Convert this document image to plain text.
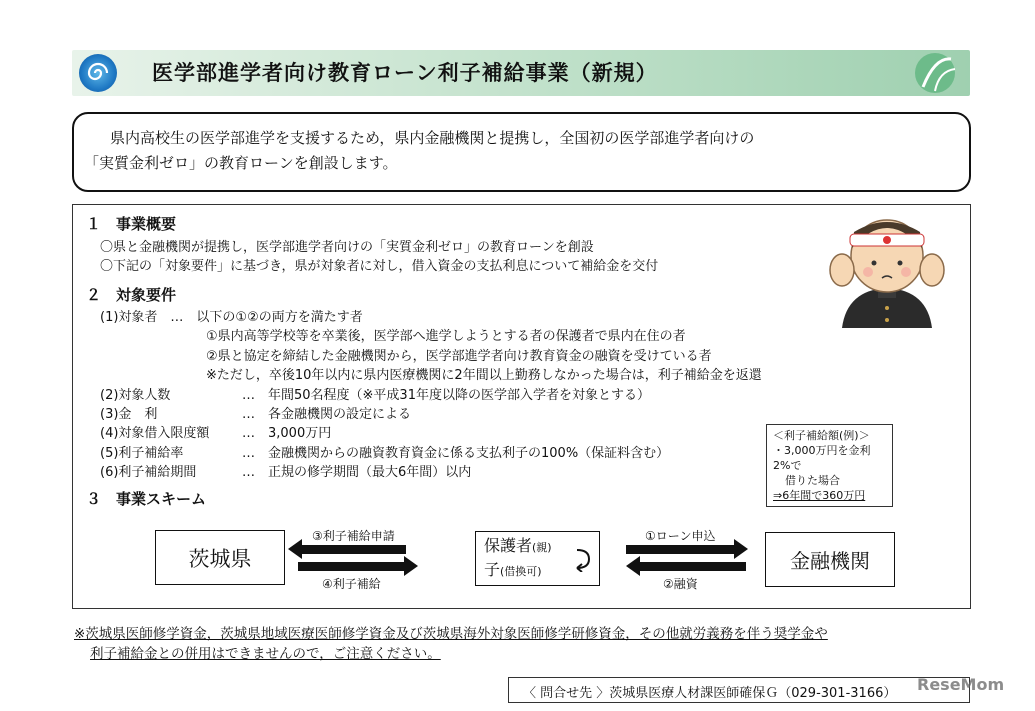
医学部進学者向け教育ローン利子補給事業（新規）
県内高校生の医学部進学を支援するため，県内金融機関と提携し，全国初の医学部進学者向けの
「実質金利ゼロ」の教育ローンを創設します。
１　事業概要
〇県と金融機関が提携し，医学部進学者向けの「実質金利ゼロ」の教育ローンを創設
〇下記の「対象要件」に基づき，県が対象者に対し，借入資金の支払利息について補給金を交付
２　対象要件
(1)対象者　…　以下の①②の両方を満たす者
①県内高等学校等を卒業後，医学部へ進学しようとする者の保護者で県内在住の者
②県と協定を締結した金融機関から，医学部進学者向け教育資金の融資を受けている者
※ただし，卒後10年以内に県内医療機関に2年間以上勤務しなかった場合は，利子補給金を返還
(2)対象人数	…　年間50名程度（※平成31年度以降の医学部入学者を対象とする）
(3)金　利	…　各金融機関の設定による
(4)対象借入限度額	…　3,000万円
(5)利子補給率	…　金融機関からの融資教育資金に係る支払利子の100%（保証料含む）
(6)利子補給期間	…　正規の修学期間（最大6年間）以内
＜利子補給額(例)＞
・3,000万円を金利2%で
借りた場合
⇒6年間で360万円
３　事業スキーム
茨城県
保護者(親)
子(借換可)	金融機関
③利子補給申請
④利子補給
①ローン申込
②融資
※茨城県医師修学資金，茨城県地域医療医師修学資金及び茨城県海外対象医師修学研修資金，その他就労義務を伴う奨学金や
利子補給金との併用はできませんので，ご注意ください。
〈 問合せ先 〉茨城県医療人材課医師確保Ｇ（029-301-3166）	ReseMom
